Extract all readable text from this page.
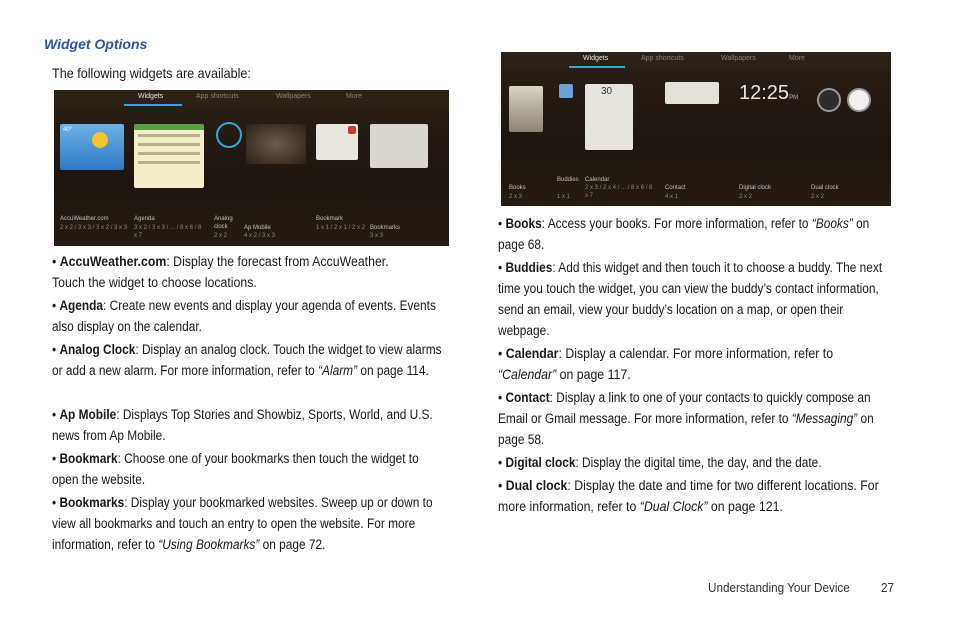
Widget Options
The following widgets are available:
Widgets	App shortcuts	Wallpapers	More
40°
AccuWeather.com
2 x 2 / 3 x 3 / 3 x 2 / 3 x 3
Agenda
3 x 2 / 3 x 3 / ... / 8 x 6 / 8 x 7
Analog clock
2 x 2
Ap Mobile
4 x 2 / 3 x 3
Bookmark
1 x 1 / 2 x 1 / 2 x 2 Bookmarks
3 x 3
Widgets	App shortcuts	Wallpapers	More
30	12:25PM
Books
2 x 3
Buddies
1 x 1
Calendar
2 x 3 / 2 x 4 / ... / 8 x 6 / 8 x 7
Contact
4 x 1
Digital clock
2 x 2
Dual clock
2 x 2
• AccuWeather.com: Display the forecast from AccuWeather. Touch the widget to choose locations.
• Agenda: Create new events and display your agenda of events. Events also display on the calendar.
• Analog Clock: Display an analog clock. Touch the widget to view alarms or add a new alarm. For more information, refer to “Alarm” on page 114.
• Ap Mobile: Displays Top Stories and Showbiz, Sports, World, and U.S. news from Ap Mobile.
• Bookmark: Choose one of your bookmarks then touch the widget to open the website.
• Bookmarks: Display your bookmarked websites. Sweep up or down to view all bookmarks and touch an entry to open the website. For more information, refer to “Using Bookmarks” on page 72.
• Books: Access your books. For more information, refer to “Books” on page 68.
• Buddies: Add this widget and then touch it to choose a buddy. The next time you touch the widget, you can view the buddy’s contact information, send an email, view your buddy’s location on a map, or open their webpage.
• Calendar: Display a calendar. For more information, refer to “Calendar” on page 117.
• Contact: Display a link to one of your contacts to quickly compose an Email or Gmail message. For more information, refer to “Messaging” on page 58.
• Digital clock: Display the digital time, the day, and the date.
• Dual clock: Display the date and time for two different locations. For more information, refer to “Dual Clock” on page 121.
Understanding Your Device 27
